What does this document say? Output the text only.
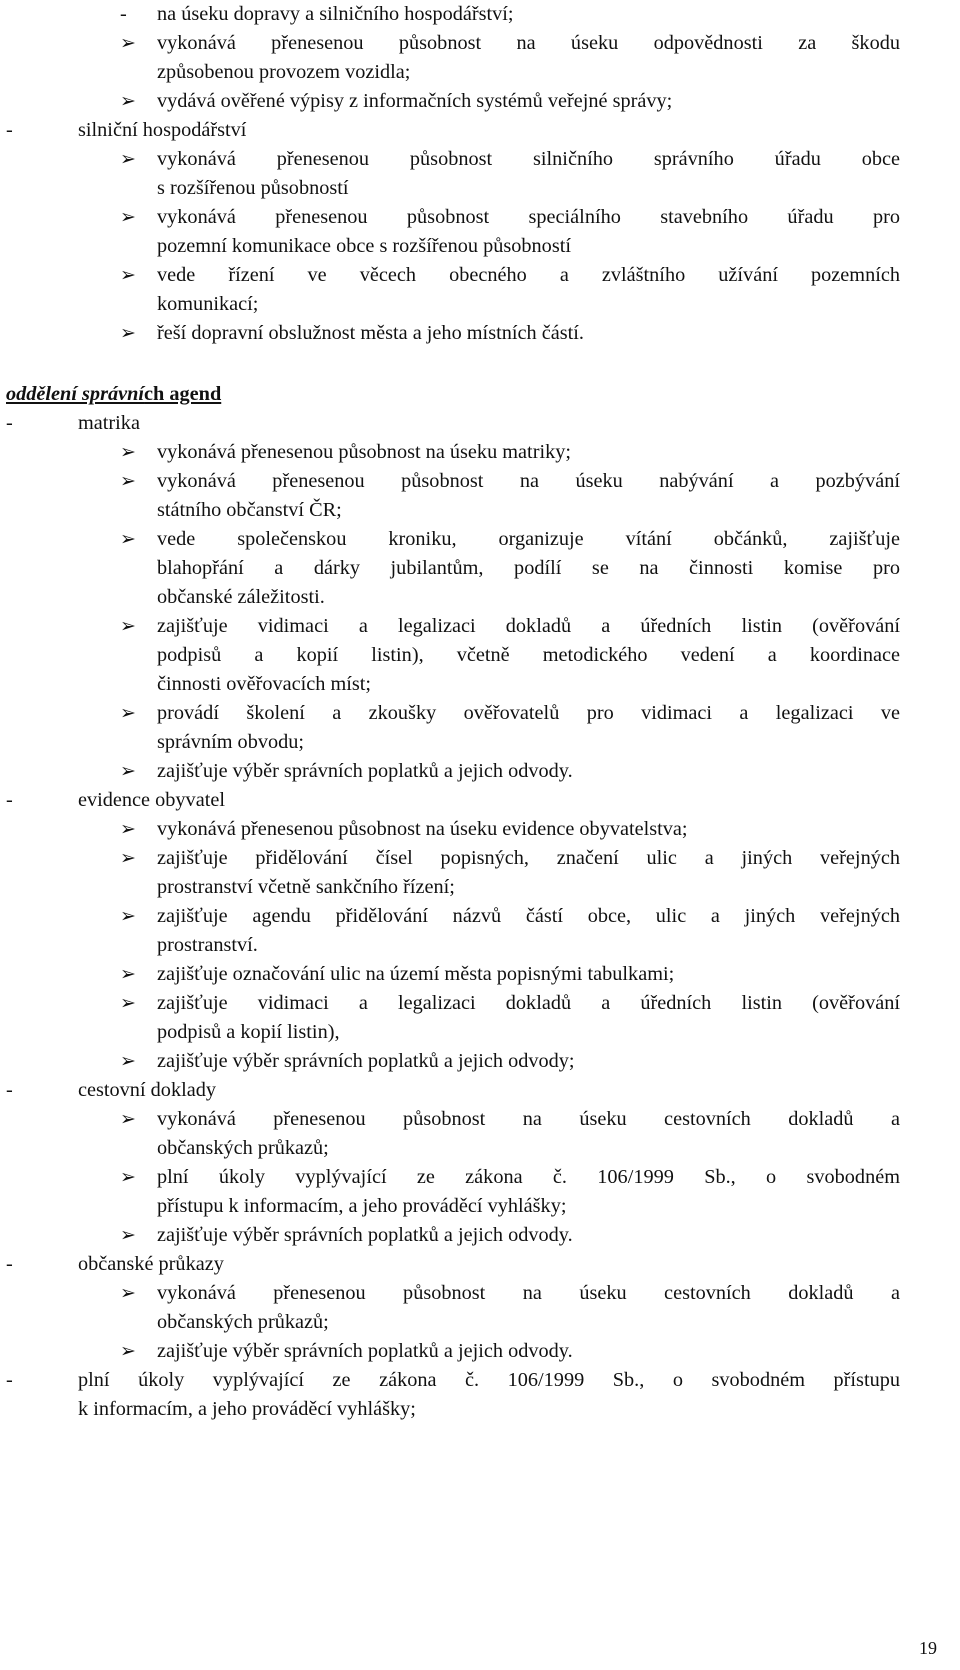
- na úseku dopravy a silničního hospodářství;
➢ vykonává přenesenou působnost na úseku odpovědnosti za škodu
způsobenou provozem vozidla;
➢ vydává ověřené výpisy z informačních systémů veřejné správy;
-	silniční hospodářství
➢ vykonává přenesenou působnost silničního správního úřadu obce
s rozšířenou působností
➢ vykonává přenesenou působnost speciálního stavebního úřadu pro
pozemní komunikace obce s rozšířenou působností
➢ vede řízení ve věcech obecného a zvláštního užívání pozemních
komunikací;
➢ řeší dopravní obslužnost města a jeho místních částí.
oddělení správních agend
-	matrika
➢ vykonává přenesenou působnost na úseku matriky;
➢ vykonává přenesenou působnost na úseku nabývání a pozbývání
státního občanství ČR;
➢ vede společenskou kroniku, organizuje vítání občánků, zajišťuje
blahopřání a dárky jubilantům, podílí se na činnosti komise pro
občanské záležitosti.
➢ zajišťuje vidimaci a legalizaci dokladů a úředních listin (ověřování
podpisů a kopií listin), včetně metodického vedení a koordinace
činnosti ověřovacích míst;
➢ provádí školení a zkoušky ověřovatelů pro vidimaci a legalizaci ve
správním obvodu;
➢ zajišťuje výběr správních poplatků a jejich odvody.
-	evidence obyvatel
➢ vykonává přenesenou působnost na úseku evidence obyvatelstva;
➢ zajišťuje přidělování čísel popisných, značení ulic a jiných veřejných
prostranství včetně sankčního řízení;
➢ zajišťuje agendu přidělování názvů částí obce, ulic a jiných veřejných
prostranství.
➢ zajišťuje označování ulic na území města popisnými tabulkami;
➢ zajišťuje vidimaci a legalizaci dokladů a úředních listin (ověřování
podpisů a kopií listin),
➢ zajišťuje výběr správních poplatků a jejich odvody;
-	cestovní doklady
➢ vykonává přenesenou působnost na úseku cestovních dokladů a
občanských průkazů;
➢ plní úkoly vyplývající ze zákona č. 106/1999 Sb., o svobodném
přístupu k informacím, a jeho prováděcí vyhlášky;
➢ zajišťuje výběr správních poplatků a jejich odvody.
-	občanské průkazy
➢ vykonává přenesenou působnost na úseku cestovních dokladů a
občanských průkazů;
➢ zajišťuje výběr správních poplatků a jejich odvody.
-	plní úkoly vyplývající ze zákona č. 106/1999 Sb., o svobodném přístupu
k informacím, a jeho prováděcí vyhlášky;
19
